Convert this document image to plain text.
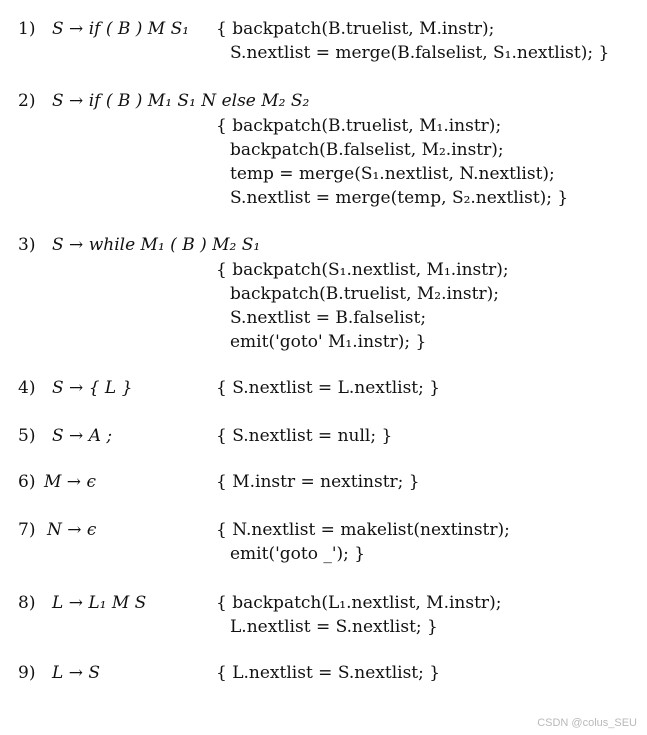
1) S → if ( B ) M S₁ { backpatch(B.truelist, M.instr);
S.nextlist = merge(B.falselist, S₁.nextlist); }
2) S → if ( B ) M₁ S₁ N else M₂ S₂
{ backpatch(B.truelist, M₁.instr);
backpatch(B.falselist, M₂.instr);
temp = merge(S₁.nextlist, N.nextlist);
S.nextlist = merge(temp, S₂.nextlist); }
3) S → while M₁ ( B ) M₂ S₁
{ backpatch(S₁.nextlist, M₁.instr);
backpatch(B.truelist, M₂.instr);
S.nextlist = B.falselist;
emit('goto' M₁.instr); }
4) S → { L }	{ S.nextlist = L.nextlist; }
5) S → A ;	{ S.nextlist = null; }
6) M → ϵ	{ M.instr = nextinstr; }
7) N → ϵ	{ N.nextlist = makelist(nextinstr);
emit('goto _'); }
8) L → L₁ M S	{ backpatch(L₁.nextlist, M.instr);
L.nextlist = S.nextlist; }
9) L → S	{ L.nextlist = S.nextlist; }
CSDN @colus_SEU
